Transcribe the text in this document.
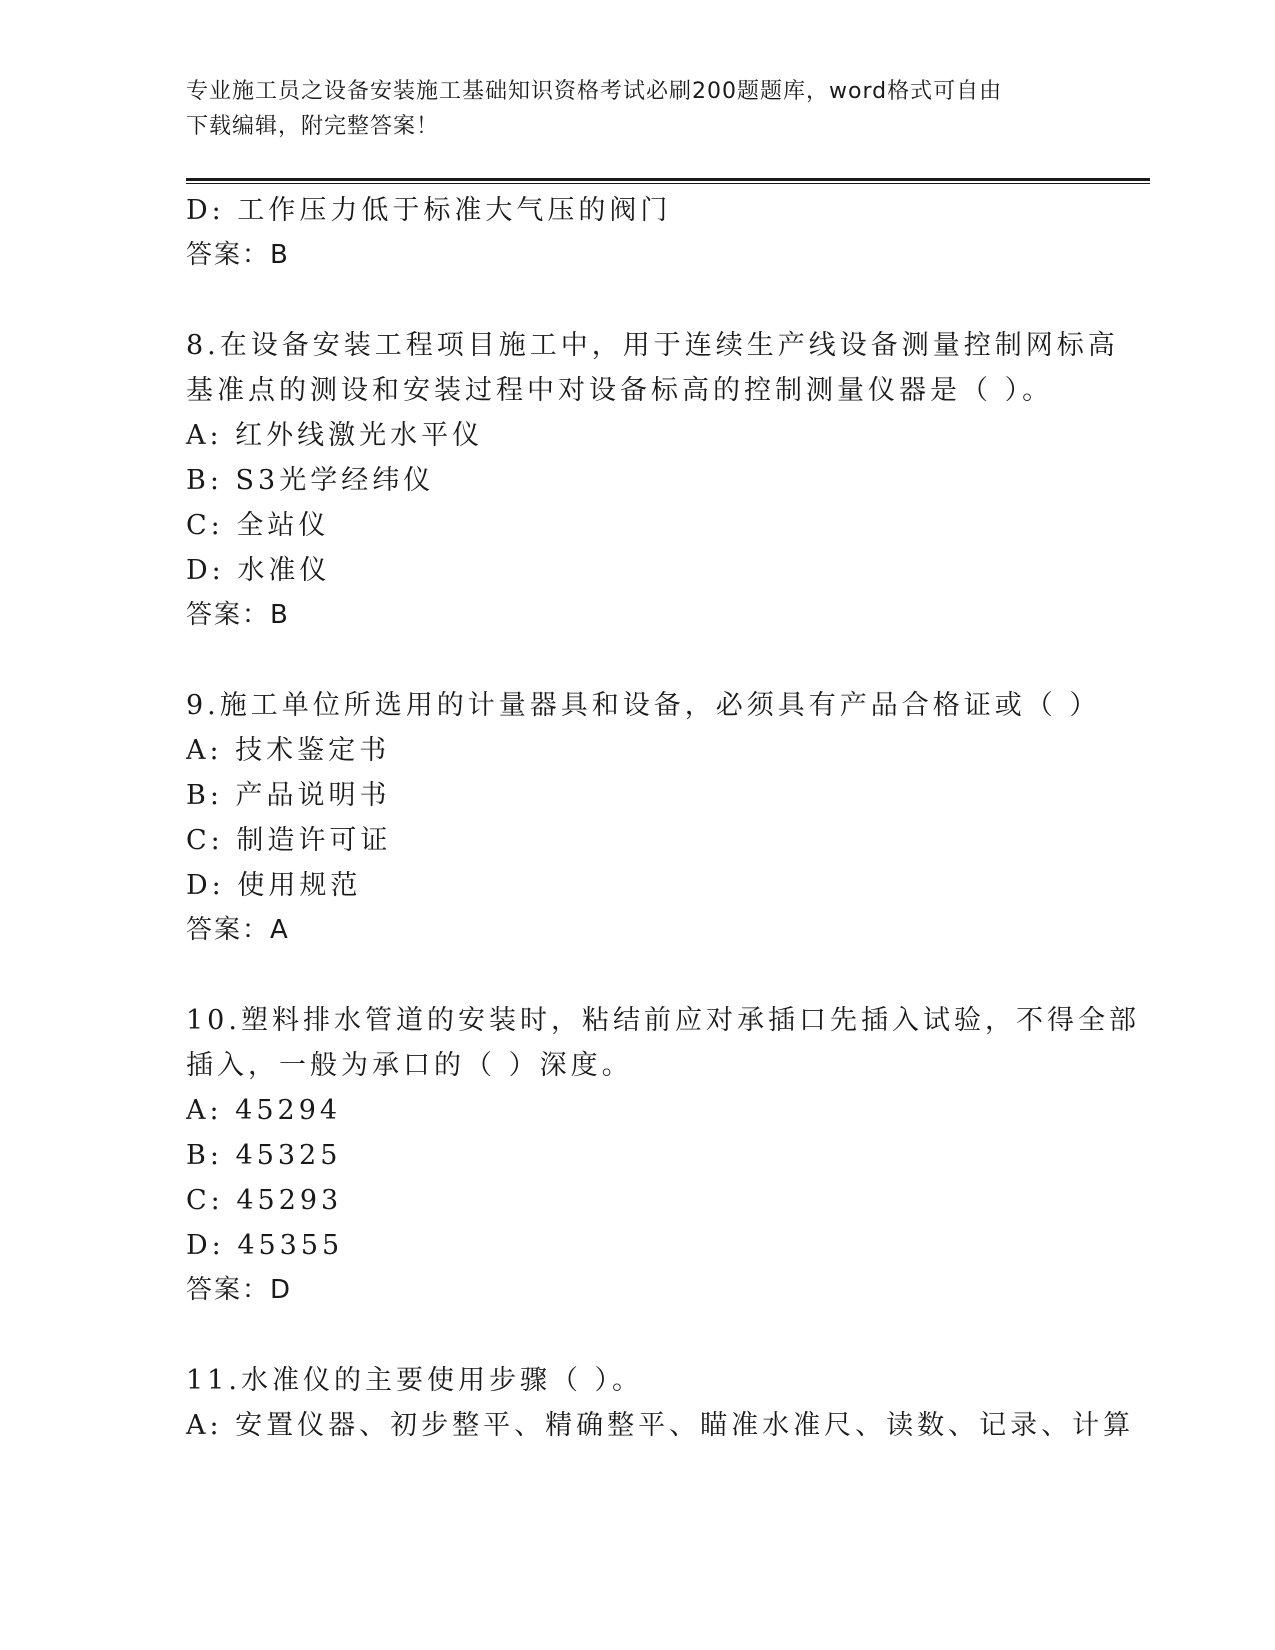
专业施工员之设备安装施工基础知识资格考试必刷200题题库，word格式可自由
下载编辑，附完整答案！
D: 工作压力低于标准大气压的阀门
答案：B
8.在设备安装工程项目施工中，用于连续生产线设备测量控制网标高
基准点的测设和安装过程中对设备标高的控制测量仪器是（ ）。
A: 红外线激光水平仪
B: S3光学经纬仪
C: 全站仪
D: 水准仪
答案：B
9.施工单位所选用的计量器具和设备，必须具有产品合格证或（ ）
A: 技术鉴定书
B: 产品说明书
C: 制造许可证
D: 使用规范
答案：A
10.塑料排水管道的安装时，粘结前应对承插口先插入试验，不得全部
插入，一般为承口的（ ）深度。
A: 45294
B: 45325
C: 45293
D: 45355
答案：D
11.水准仪的主要使用步骤（ ）。
A: 安置仪器、初步整平、精确整平、瞄准水准尺、读数、记录、计算
